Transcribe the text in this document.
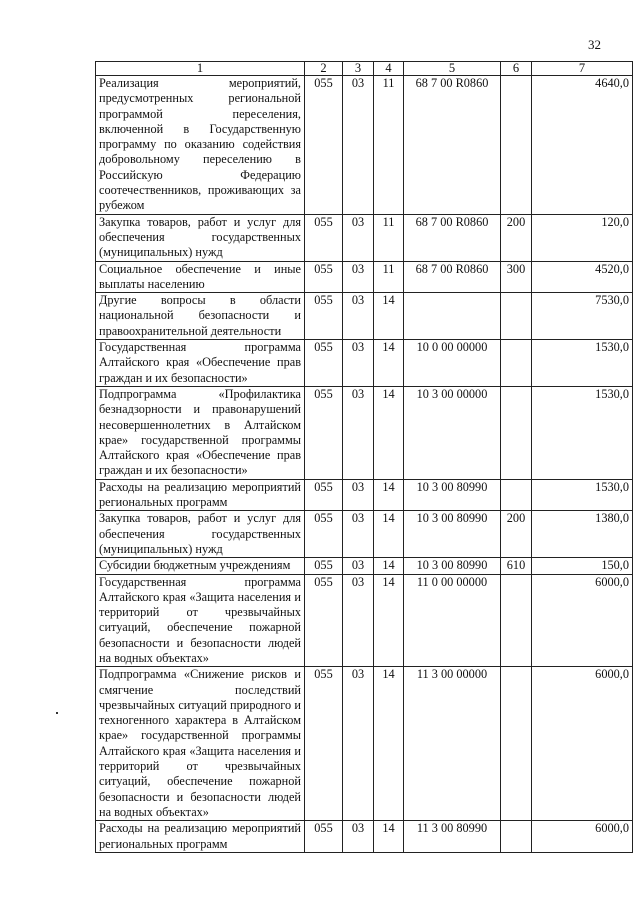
32
1	2	3	4	5	6	7
Реализация мероприятий, предусмотренных региональной программой переселения, включенной в Государственную программу по оказанию содействия добровольному переселению в Российскую Федерацию соотечественников, проживающих за рубежом	055	03	11	68 7 00 R0860		4640,0
Закупка товаров, работ и услуг для обеспечения государственных (муниципальных) нужд	055	03	11	68 7 00 R0860	200	120,0
Социальное обеспечение и иные выплаты населению	055	03	11	68 7 00 R0860	300	4520,0
Другие вопросы в области национальной безопасности и правоохранительной деятельности	055	03	14			7530,0
Государственная программа Алтайского края «Обеспечение прав граждан и их безопасности»	055	03	14	10 0 00 00000		1530,0
Подпрограмма «Профилактика безнадзорности и правонарушений несовершеннолетних в Алтайском крае» государственной программы Алтайского края «Обеспечение прав граждан и их безопасности»	055	03	14	10 3 00 00000		1530,0
Расходы на реализацию мероприятий региональных программ	055	03	14	10 3 00 80990		1530,0
Закупка товаров, работ и услуг для обеспечения государственных (муниципальных) нужд	055	03	14	10 3 00 80990	200	1380,0
Субсидии бюджетным учреждениям	055	03	14	10 3 00 80990	610	150,0
Государственная программа Алтайского края «Защита населения и территорий от чрезвычайных ситуаций, обеспечение пожарной безопасности и безопасности людей на водных объектах»	055	03	14	11 0 00 00000		6000,0
Подпрограмма «Снижение рисков и смягчение последствий чрезвычайных ситуаций природного и техногенного характера в Алтайском крае» государственной программы Алтайского края «Защита населения и территорий от чрезвычайных ситуаций, обеспечение пожарной безопасности и безопасности людей на водных объектах»	055	03	14	11 3 00 00000		6000,0
Расходы на реализацию мероприятий региональных программ	055	03	14	11 3 00 80990		6000,0
